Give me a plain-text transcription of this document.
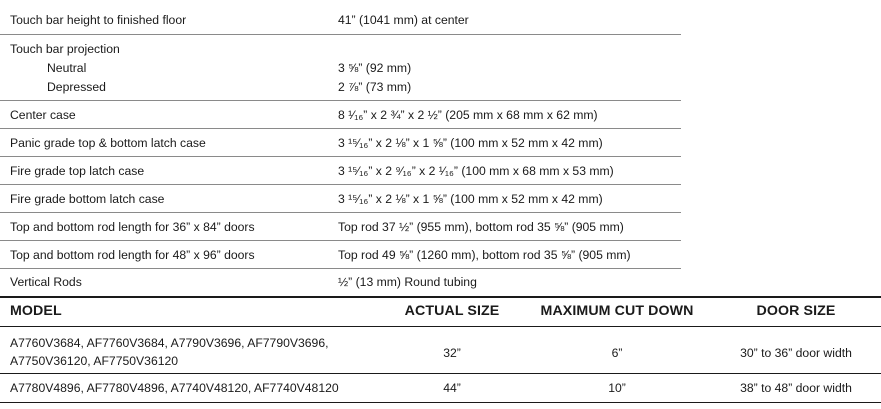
Touch bar height to finished floor	41” (1041 mm) at center
Touch bar projection
Neutral	3 ⅝” (92 mm)
Depressed	2 ⅞” (73 mm)
Center case	8 ¹⁄₁₆” x 2 ¾” x 2 ½” (205 mm x 68 mm x 62 mm)
Panic grade top & bottom latch case	3 ¹⁵⁄₁₆” x 2 ⅛” x 1 ⅝” (100 mm x 52 mm x 42 mm)
Fire grade top latch case	3 ¹⁵⁄₁₆” x 2 ⁹⁄₁₆” x 2 ¹⁄₁₆” (100 mm x 68 mm x 53 mm)
Fire grade bottom latch case	3 ¹⁵⁄₁₆” x 2 ⅛” x 1 ⅝” (100 mm x 52 mm x 42 mm)
Top and bottom rod length for 36” x 84” doors	Top rod 37 ½” (955 mm), bottom rod 35 ⅝” (905 mm)
Top and bottom rod length for 48” x 96” doors	Top rod 49 ⅝” (1260 mm), bottom rod 35 ⅝” (905 mm)
Vertical Rods	½” (13 mm) Round tubing
MODEL	ACTUAL SIZE	MAXIMUM CUT DOWN	DOOR SIZE
A7760V3684, AF7760V3684, A7790V3696, AF7790V3696,
A7750V36120, AF7750V36120
32”	6”	30” to 36” door width
A7780V4896, AF7780V4896, A7740V48120, AF7740V48120	44”	10”	38” to 48” door width
